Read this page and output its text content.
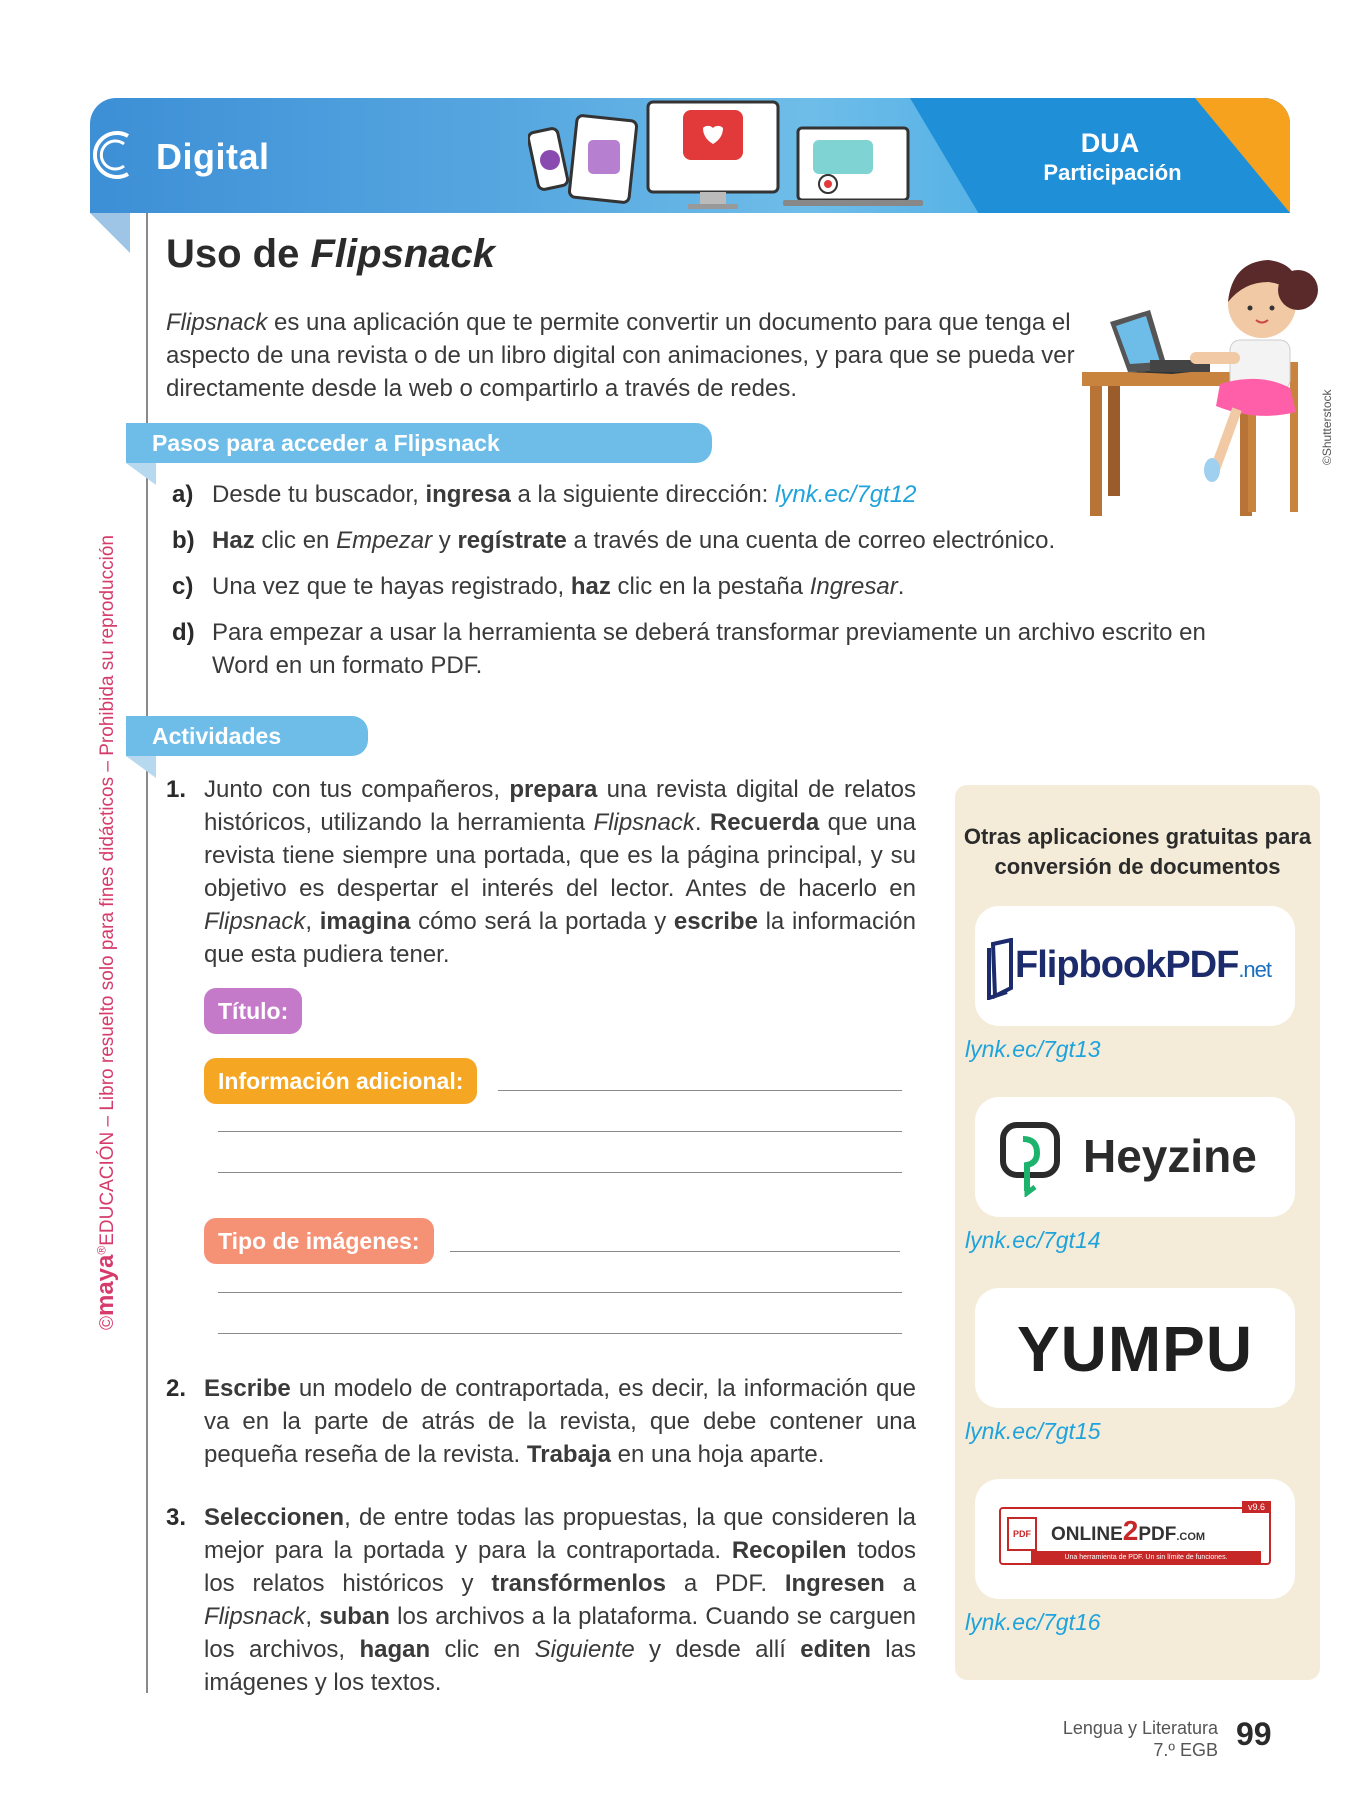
Digital	DUA
Participación
Uso de Flipsnack
Flipsnack es una aplicación que te permite convertir un documento para que tenga el aspecto de una revista o de un libro digital con animaciones, y para que se pueda ver directamente desde la web o compartirlo a través de redes.
©Shutterstock
Pasos para acceder a Flipsnack
a) Desde tu buscador, ingresa a la siguiente dirección: lynk.ec/7gt12
b) Haz clic en Empezar y regístrate a través de una cuenta de correo electrónico.
c) Una vez que te hayas registrado, haz clic en la pestaña Ingresar.
d) Para empezar a usar la herramienta se deberá transformar previamente un archivo escrito en Word en un formato PDF.
Actividades
1. Junto con tus compañeros, prepara una revista digital de relatos históricos, utilizando la herramienta Flipsnack. Recuerda que una revista tiene siempre una portada, que es la página principal, y su objetivo es despertar el interés del lector. Antes de hacerlo en Flipsnack, imagina cómo será la portada y escribe la información que esta pudiera tener.
Título:
Información adicional:
Tipo de imágenes:
2. Escribe un modelo de contraportada, es decir, la información que va en la parte de atrás de la revista, que debe contener una pequeña reseña de la revista. Trabaja en una hoja aparte.
3. Seleccionen, de entre todas las propuestas, la que consideren la mejor para la portada y para la contraportada. Recopilen todos los relatos históricos y transfórmenlos a PDF. Ingresen a Flipsnack, suban los archivos a la plataforma. Cuando se carguen los archivos, hagan clic en Siguiente y desde allí editen las imágenes y los textos.
Otras aplicaciones gratuitas para conversión de documentos
FlipbookPDF.net
lynk.ec/7gt13
Heyzine
lynk.ec/7gt14
YUMPU
lynk.ec/7gt15
PDF	ONLINE2PDF.COM
v9.6
Una herramienta de PDF. Un sin límite de funciones.
lynk.ec/7gt16
©maya®EDUCACIÓN – Libro resuelto solo para fines didácticos – Prohibida su reproducción
Lengua y Literatura
7.º EGB 99
